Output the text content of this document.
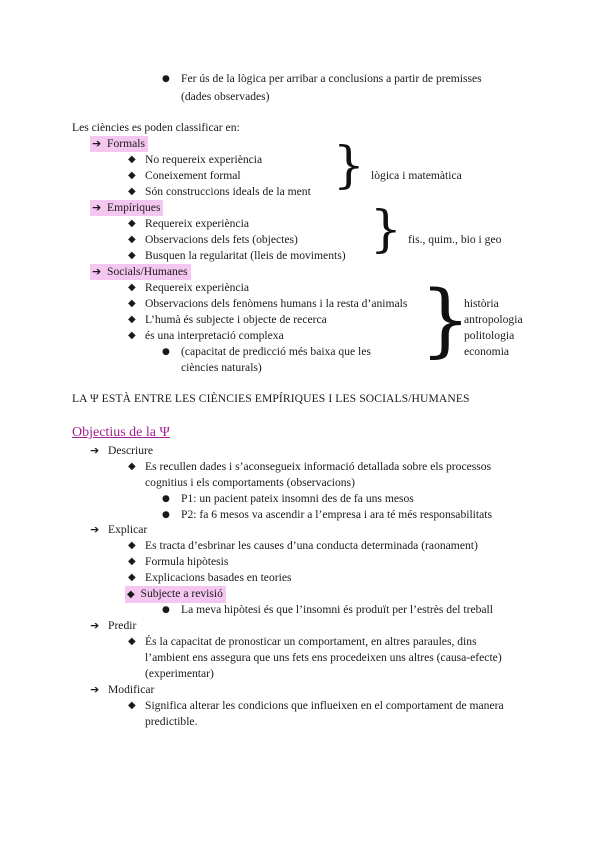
● Fer ús de la lògica per arribar a conclusions a partir de premisses
(dades observades)
Les ciències es poden classificar en:
➔ Formals
◆ No requereix experiència
◆ Coneixement formal
◆ Són construccions ideals de la ment } lògica i matemàtica
➔ Empíriques
◆ Requereix experiència
◆ Observacions dels fets (objectes)
◆ Busquen la regularitat (lleis de moviments) } fis., quim., bio i geo
➔ Socials/Humanes
◆ Requereix experiència
◆ Observacions dels fenòmens humans i la resta d’animals
◆ L’humà és subjecte i objecte de recerca
◆ és una interpretació complexa
● (capacitat de predicció més baixa que les
ciències naturals)
}
història
antropologia
politologia
economia
LA Ψ ESTÀ ENTRE LES CIÈNCIES EMPÍRIQUES I LES SOCIALS/HUMANES
Objectius de la Ψ
➔ Descriure
◆ Es recullen dades i s’aconsegueix informació detallada sobre els processos
cognitius i els comportaments (observacions)
● P1: un pacient pateix insomni des de fa uns mesos
● P2: fa 6 mesos va ascendir a l’empresa i ara té més responsabilitats
➔ Explicar
◆ Es tracta d’esbrinar les causes d’una conducta determinada (raonament)
◆ Formula hipòtesis
◆ Explicacions basades en teories
◆ Subjecte a revisió
● La meva hipòtesi és que l’insomni és produït per l’estrès del treball
➔ Predir
◆ És la capacitat de pronosticar un comportament, en altres paraules, dins
l’ambient ens assegura que uns fets ens procedeixen uns altres (causa-efecte)
(experimentar)
➔ Modificar
◆ Significa alterar les condicions que influeixen en el comportament de manera
predictible.
